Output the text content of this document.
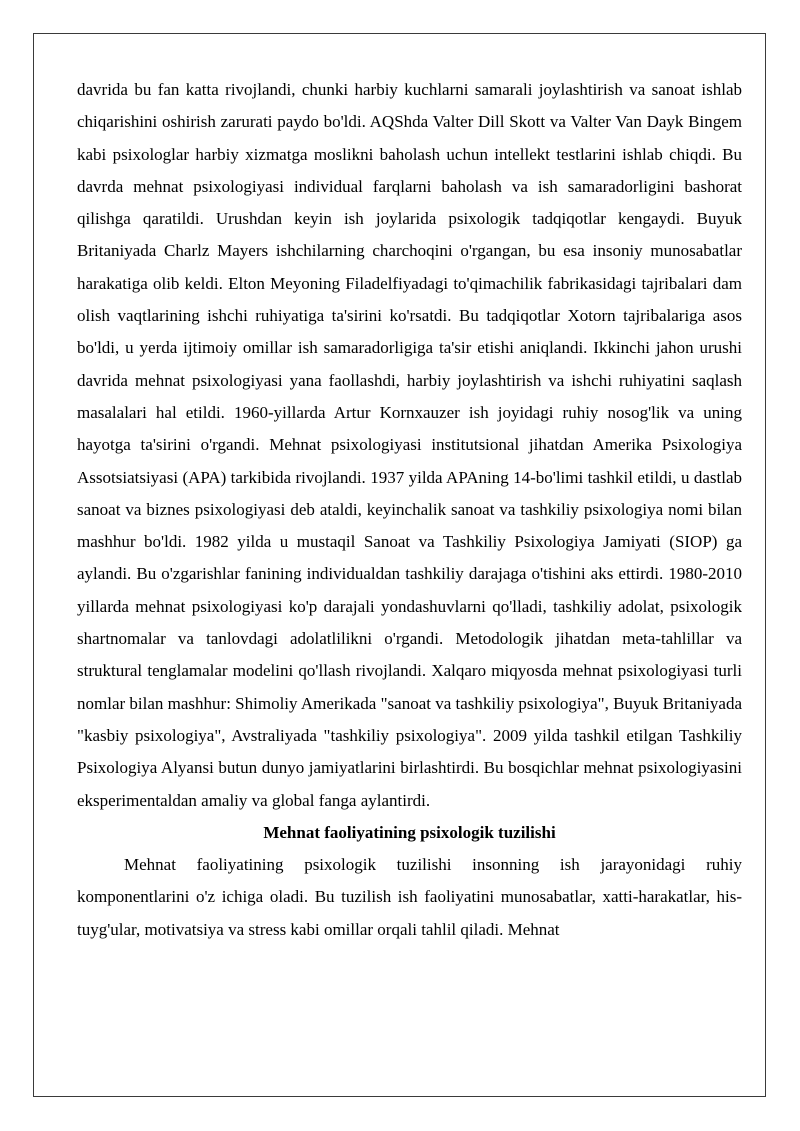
davrida bu fan katta rivojlandi, chunki harbiy kuchlarni samarali joylashtirish va sanoat ishlab chiqarishini oshirish zarurati paydo bo'ldi. AQShda Valter Dill Skott va Valter Van Dayk Bingem kabi psixologlar harbiy xizmatga moslikni baholash uchun intellekt testlarini ishlab chiqdi. Bu davrda mehnat psixologiyasi individual farqlarni baholash va ish samaradorligini bashorat qilishga qaratildi. Urushdan keyin ish joylarida psixologik tadqiqotlar kengaydi. Buyuk Britaniyada Charlz Mayers ishchilarning charchoqini o'rgangan, bu esa insoniy munosabatlar harakatiga olib keldi. Elton Meyoning Filadelfiyadagi to'qimachilik fabrikasidagi tajribalari dam olish vaqtlarining ishchi ruhiyatiga ta'sirini ko'rsatdi. Bu tadqiqotlar Xotorn tajribalariga asos bo'ldi, u yerda ijtimoiy omillar ish samaradorligiga ta'sir etishi aniqlandi. Ikkinchi jahon urushi davrida mehnat psixologiyasi yana faollashdi, harbiy joylashtirish va ishchi ruhiyatini saqlash masalalari hal etildi. 1960-yillarda Artur Kornxauzer ish joyidagi ruhiy nosog'lik va uning hayotga ta'sirini o'rgandi. Mehnat psixologiyasi institutsional jihatdan Amerika Psixologiya Assotsiatsiyasi (APA) tarkibida rivojlandi. 1937 yilda APAning 14-bo'limi tashkil etildi, u dastlab sanoat va biznes psixologiyasi deb ataldi, keyinchalik sanoat va tashkiliy psixologiya nomi bilan mashhur bo'ldi. 1982 yilda u mustaqil Sanoat va Tashkiliy Psixologiya Jamiyati (SIOP) ga aylandi. Bu o'zgarishlar fanining individualdan tashkiliy darajaga o'tishini aks ettirdi. 1980-2010 yillarda mehnat psixologiyasi ko'p darajali yondashuvlarni qo'lladi, tashkiliy adolat, psixologik shartnomalar va tanlovdagi adolatlilikni o'rgandi. Metodologik jihatdan meta-tahlillar va struktural tenglamalar modelini qo'llash rivojlandi. Xalqaro miqyosda mehnat psixologiyasi turli nomlar bilan mashhur: Shimoliy Amerikada "sanoat va tashkiliy psixologiya", Buyuk Britaniyada "kasbiy psixologiya", Avstraliyada "tashkiliy psixologiya". 2009 yilda tashkil etilgan Tashkiliy Psixologiya Alyansi butun dunyo jamiyatlarini birlashtirdi. Bu bosqichlar mehnat psixologiyasini eksperimentaldan amaliy va global fanga aylantirdi.

Mehnat faoliyatining psixologik tuzilishi

Mehnat faoliyatining psixologik tuzilishi insonning ish jarayonidagi ruhiy komponentlarini o'z ichiga oladi. Bu tuzilish ish faoliyatini munosabatlar, xatti-harakatlar, his-tuyg'ular, motivatsiya va stress kabi omillar orqali tahlil qiladi. Mehnat
